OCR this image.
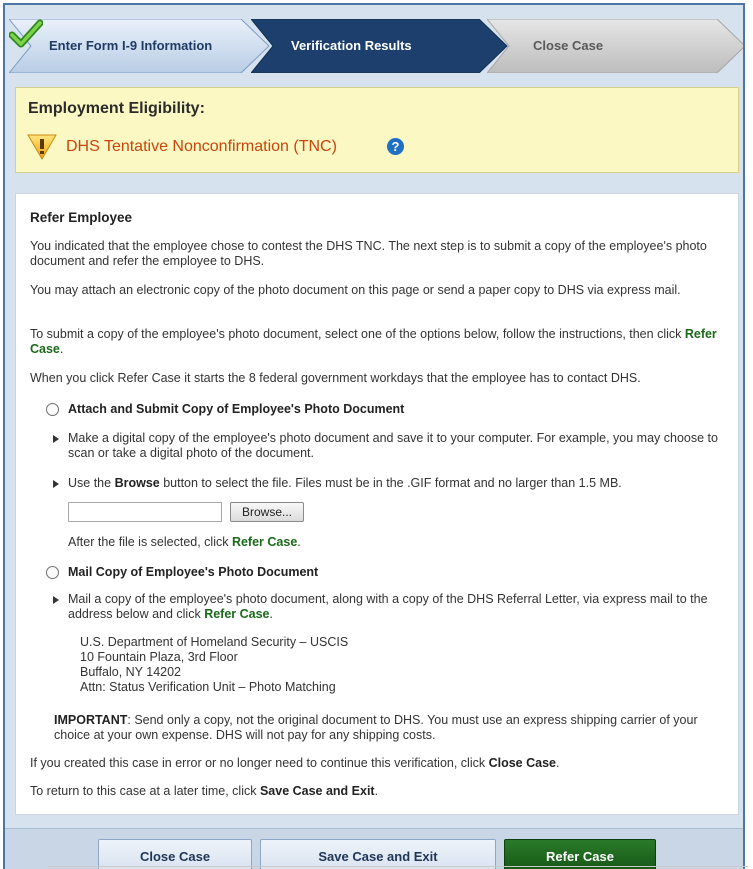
Enter Form I-9 Information	Verification Results	Close Case
Employment Eligibility:
DHS Tentative Nonconfirmation (TNC)	?
Refer Employee

You indicated that the employee chose to contest the DHS TNC. The next step is to submit a copy of the employee's photo document and refer the employee to DHS.

You may attach an electronic copy of the photo document on this page or send a paper copy to DHS via express mail.

To submit a copy of the employee's photo document, select one of the options below, follow the instructions, then click Refer Case.

When you click Refer Case it starts the 8 federal government workdays that the employee has to contact DHS.

Attach and Submit Copy of Employee's Photo Document

Make a digital copy of the employee's photo document and save it to your computer. For example, you may choose to scan or take a digital photo of the document.

Use the Browse button to select the file. Files must be in the .GIF format and no larger than 1.5 MB.

Browse...

After the file is selected, click Refer Case.

Mail Copy of Employee's Photo Document

Mail a copy of the employee's photo document, along with a copy of the DHS Referral Letter, via express mail to the address below and click Refer Case.

U.S. Department of Homeland Security – USCIS
10 Fountain Plaza, 3rd Floor
Buffalo, NY 14202
Attn: Status Verification Unit – Photo Matching

IMPORTANT: Send only a copy, not the original document to DHS. You must use an express shipping carrier of your choice at your own expense. DHS will not pay for any shipping costs.

If you created this case in error or no longer need to continue this verification, click Close Case.

To return to this case at a later time, click Save Case and Exit.

Close Case	Save Case and Exit	Refer Case
